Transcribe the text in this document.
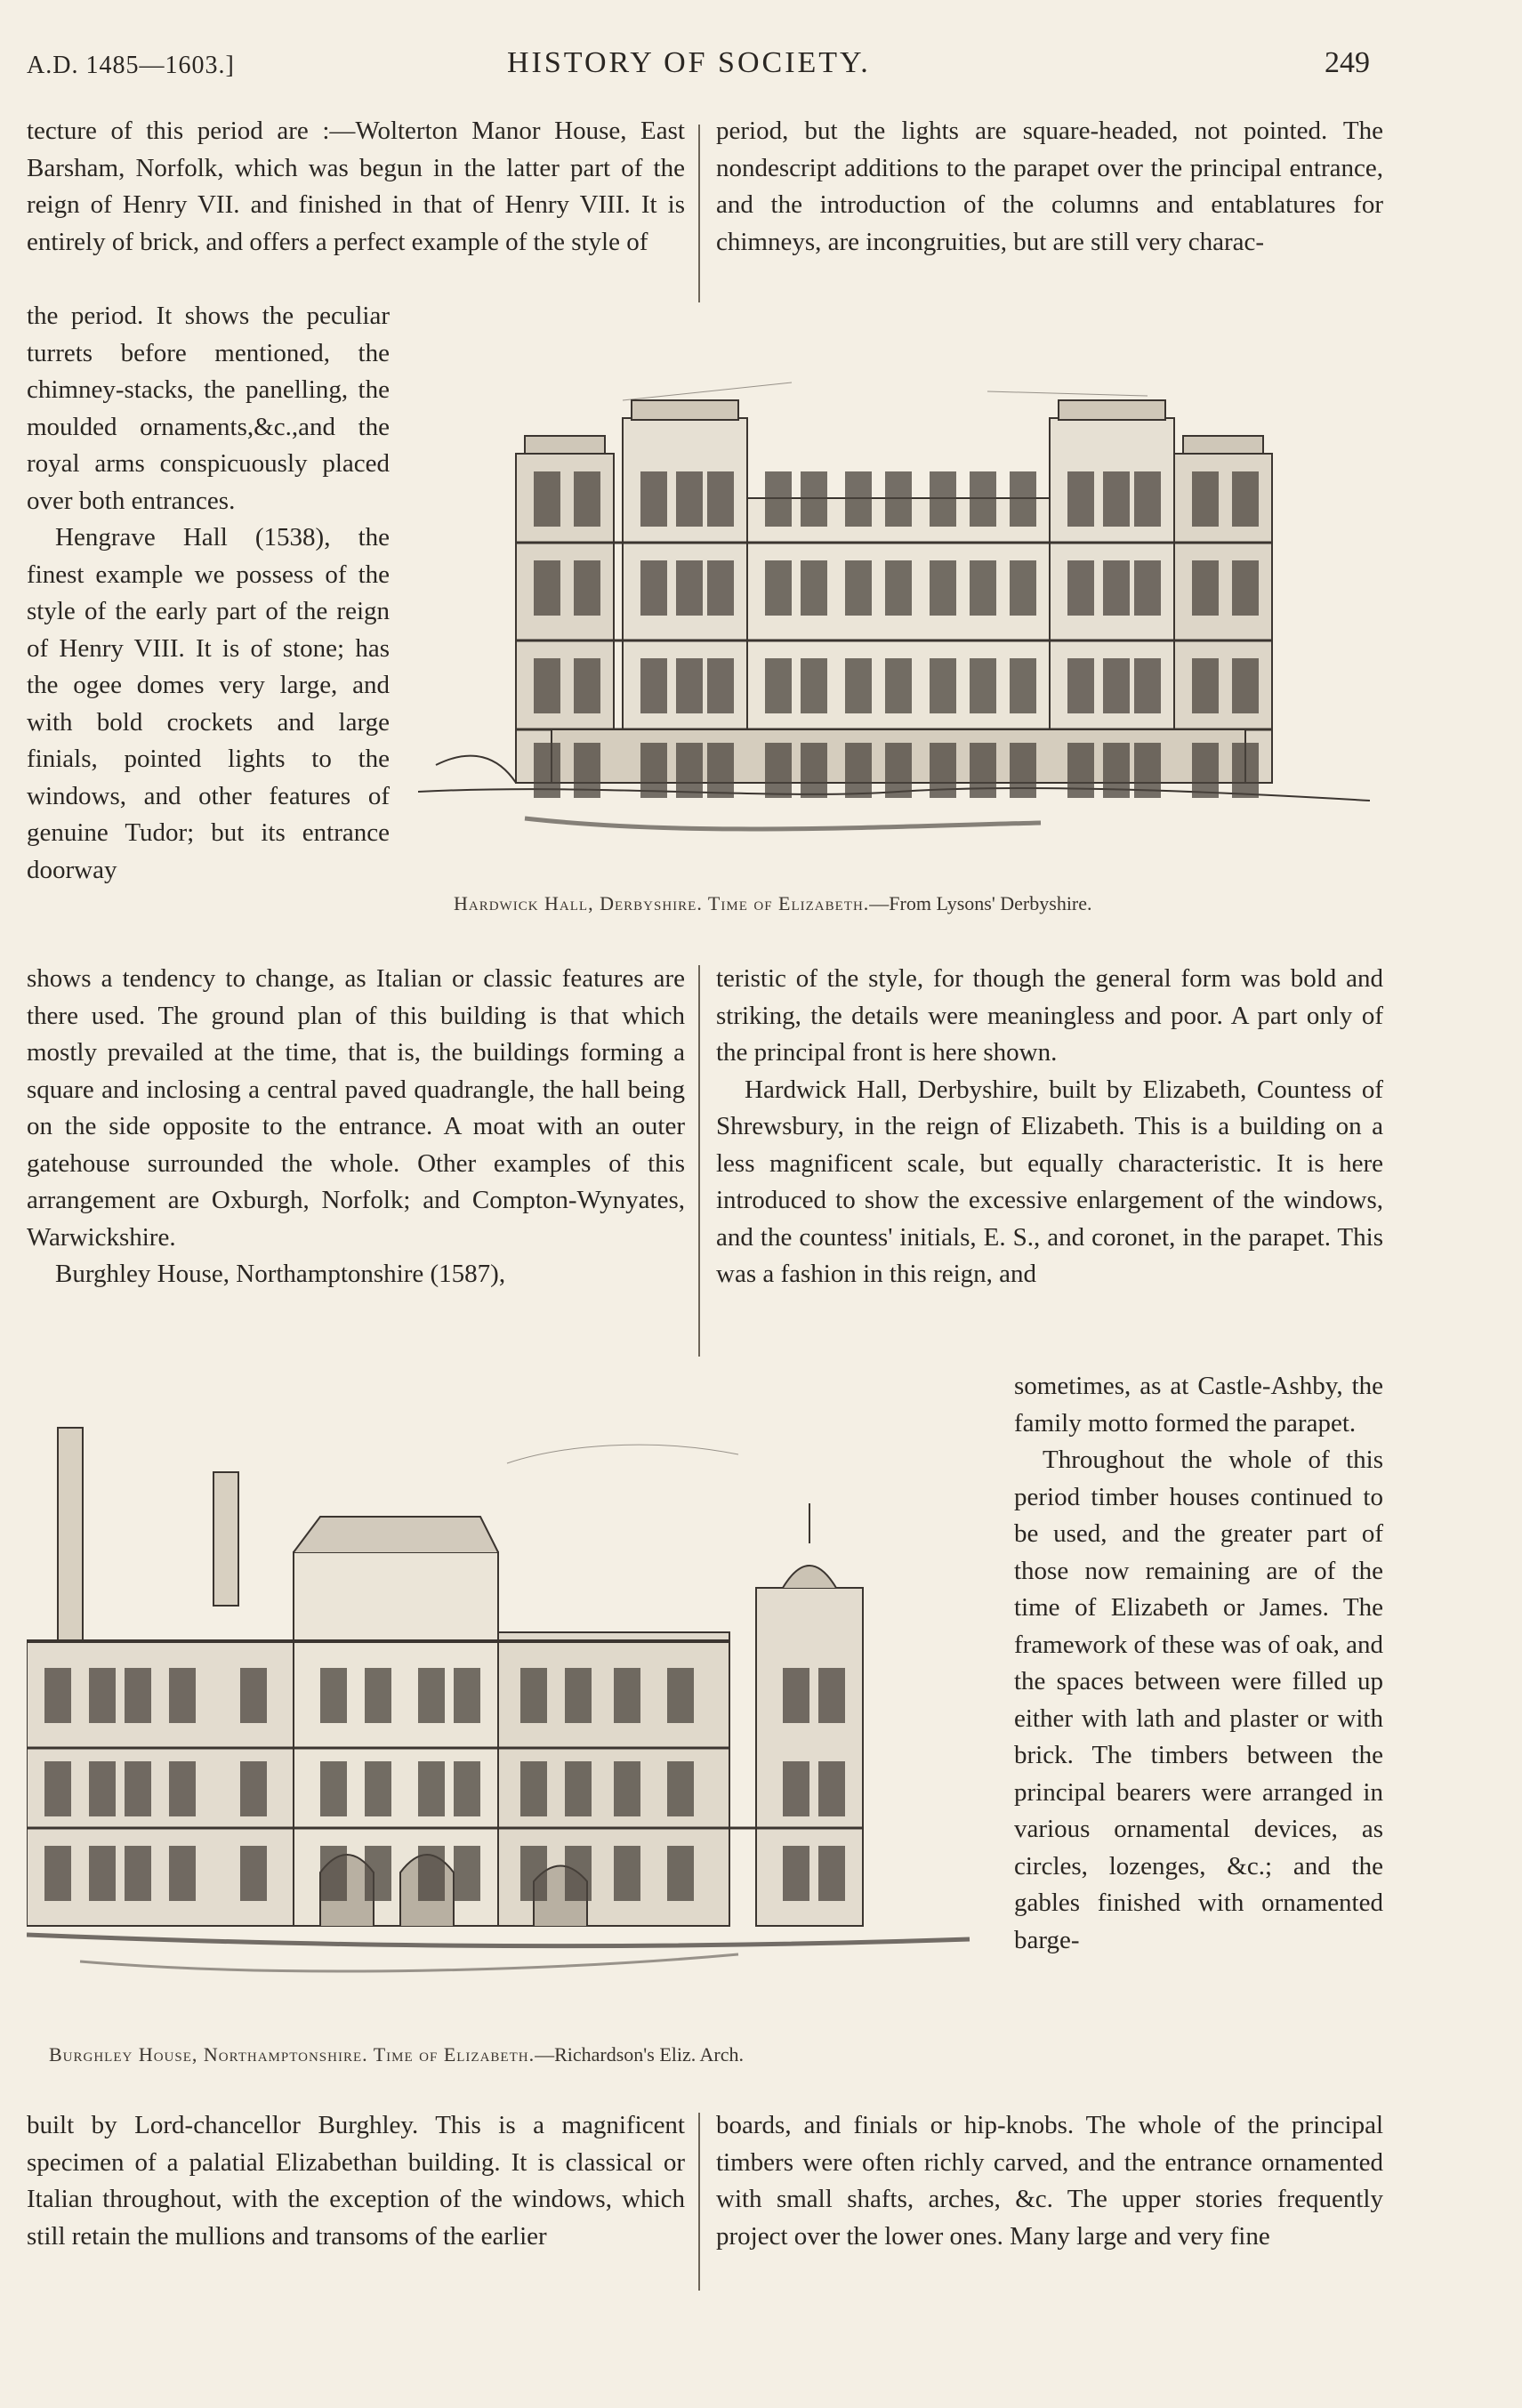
A.D. 1485—1603.]	HISTORY OF SOCIETY.	249

tecture of this period are :—Wolterton Manor House, East Barsham, Norfolk, which was begun in the latter part of the reign of Henry VII. and finished in that of Henry VIII. It is entirely of brick, and offers a perfect example of the style of

period, but the lights are square-headed, not pointed. The nondescript additions to the parapet over the principal entrance, and the introduction of the columns and entablatures for chimneys, are incongruities, but are still very charac-

the period. It shows the peculiar turrets before mentioned, the chimney-stacks, the panelling, the moulded ornaments,&c.,and the royal arms conspicuously placed over both entrances.

Hengrave Hall (1538), the finest example we possess of the style of the early part of the reign of Henry VIII. It is of stone; has the ogee domes very large, and with bold crockets and large finials, pointed lights to the windows, and other features of genuine Tudor; but its entrance doorway

Hardwick Hall, Derbyshire. Time of Elizabeth.—From Lysons' Derbyshire.

shows a tendency to change, as Italian or classic features are there used. The ground plan of this building is that which mostly prevailed at the time, that is, the buildings forming a square and inclosing a central paved quadrangle, the hall being on the side opposite to the entrance. A moat with an outer gatehouse surrounded the whole. Other examples of this arrangement are Oxburgh, Norfolk; and Compton-Wynyates, Warwickshire.

Burghley House, Northamptonshire (1587),

teristic of the style, for though the general form was bold and striking, the details were meaningless and poor. A part only of the principal front is here shown.

Hardwick Hall, Derbyshire, built by Elizabeth, Countess of Shrewsbury, in the reign of Elizabeth. This is a building on a less magnificent scale, but equally characteristic. It is here introduced to show the excessive enlargement of the windows, and the countess' initials, E. S., and coronet, in the parapet. This was a fashion in this reign, and

Burghley House, Northamptonshire. Time of Elizabeth.—Richardson's Eliz. Arch.

sometimes, as at Castle-Ashby, the family motto formed the parapet.

Throughout the whole of this period timber houses continued to be used, and the greater part of those now remaining are of the time of Elizabeth or James. The framework of these was of oak, and the spaces between were filled up either with lath and plaster or with brick. The timbers between the principal bearers were arranged in various ornamental devices, as circles, lozenges, &c.; and the gables finished with ornamented barge-

built by Lord-chancellor Burghley. This is a magnificent specimen of a palatial Elizabethan building. It is classical or Italian throughout, with the exception of the windows, which still retain the mullions and transoms of the earlier

boards, and finials or hip-knobs. The whole of the principal timbers were often richly carved, and the entrance ornamented with small shafts, arches, &c. The upper stories frequently project over the lower ones. Many large and very fine
